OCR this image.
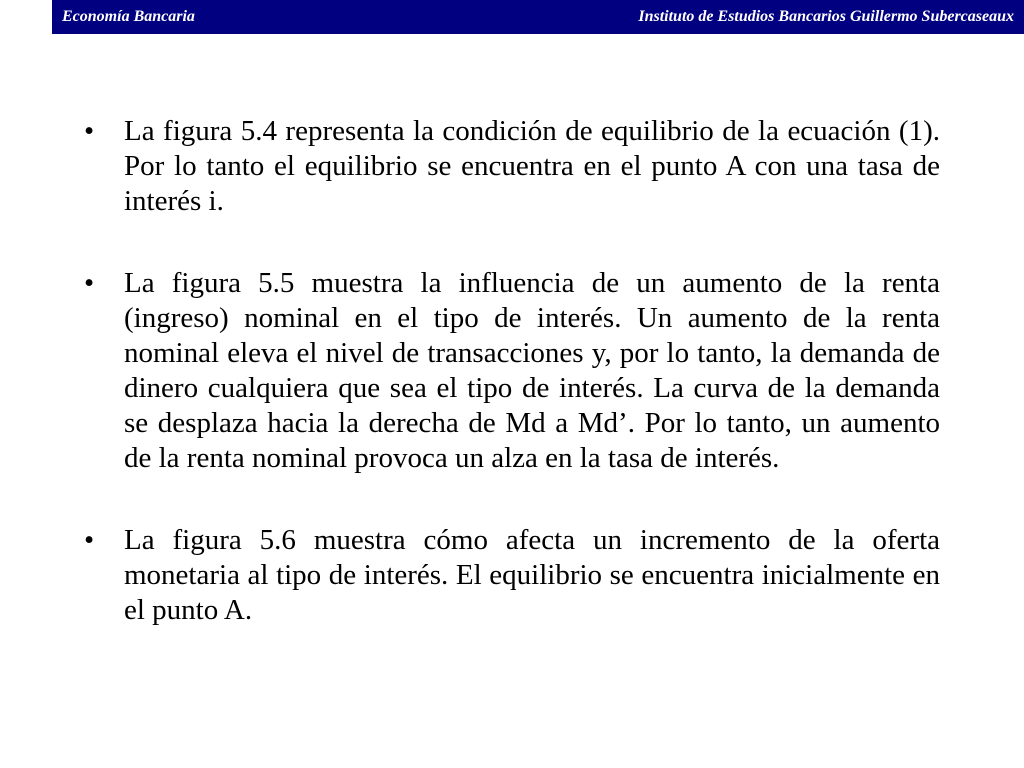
Economía Bancaria	Instituto de Estudios Bancarios Guillermo Subercaseaux
•	La figura 5.4 representa la condición de equilibrio de la ecuación (1). Por lo tanto el equilibrio se encuentra en el punto A con una tasa de interés i.
•	La figura 5.5 muestra la influencia de un aumento de la renta (ingreso) nominal en el tipo de interés. Un aumento de la renta nominal eleva el nivel de transacciones y, por lo tanto, la demanda de dinero cualquiera que sea el tipo de interés. La curva de la demanda se desplaza hacia la derecha de Md a Md’. Por lo tanto, un aumento de la renta nominal provoca un alza en la tasa de interés.
•	La figura 5.6 muestra cómo afecta un incremento de la oferta monetaria al tipo de interés. El equilibrio se encuentra inicialmente en el punto A.
